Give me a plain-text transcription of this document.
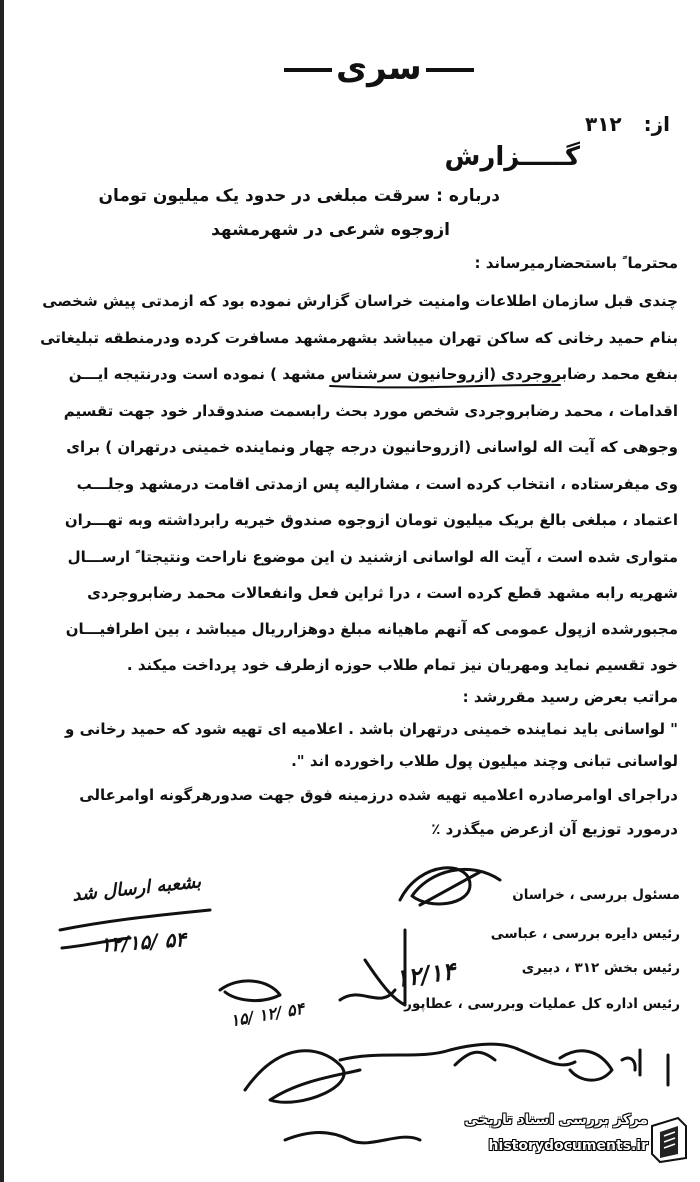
سری
از:۳۱۲
گـــــزارش
درباره : سرقت مبلغی در حدود یک میلیون تومان
ازوجوه شرعی در شهرمشهد
محترما ً باستحضارمیرساند :
چندی قبل سازمان اطلاعات وامنیت خراسان گزارش نموده بود که ازمدتی پیش شخصی
بنام حمید رخانی که ساکن تهران میباشد بشهرمشهد مسافرت کرده ودرمنطقه تبلیغاتی
بنفع محمد رضابروجردی (ازروحانیون سرشناس مشهد ) نموده است ودرنتیجه ایـــن
اقدامات ، محمد رضابروجردی شخص مورد بحث رابسمت صندوقدار خود جهت تقسیم
وجوهی که آیت اله لواسانی (ازروحانیون درجه چهار ونماینده خمینی درتهران ) برای
وی میفرستاده ، انتخاب کرده است ، مشارالیه پس ازمدتی اقامت درمشهد وجلـــب
اعتماد ، مبلغی بالغ بریک میلیون تومان ازوجوه صندوق خیریه رابرداشته وبه تهـــران
متواری شده است ، آیت اله لواسانی ازشنید ن این موضوع ناراحت ونتیجتا ً ارســـال
شهریه رابه مشهد قطع کرده است ، درا ثراین فعل وانفعالات محمد رضابروجردی
مجبورشده ازپول عمومی که آنهم ماهیانه مبلغ دوهزارریال میباشد ، بین اطرافیـــان
خود تقسیم نماید ومهربان نیز تمام طلاب حوزه ازطرف خود پرداخت میکند .
مراتب بعرض رسید مقررشد :
" لواسانی باید نماینده خمینی درتهران باشد . اعلامیه ای تهیه شود که حمید رخانی و
لواسانی تبانی وچند میلیون پول طلاب راخورده اند ".
دراجرای اوامرصادره اعلامیه تهیه شده درزمینه فوق جهت صدورهرگونه اوامرعالی
درمورد توزیع آن ازعرض میگذرد ٪
مسئول بررسی ، خراسان
رئیس دایره بررسی ، عباسی
رئیس بخش ۳۱۲ ، دبیری
رئیس اداره کل عملیات وبررسی ، عطاپور
بشعبه ارسال شد
۱۲/۱۵/ ۵۴
۱۲/۱۴
۱۵/ ۱۲/ ۵۴
مرکز بررسی اسناد تاریخی
historydocuments.ir
